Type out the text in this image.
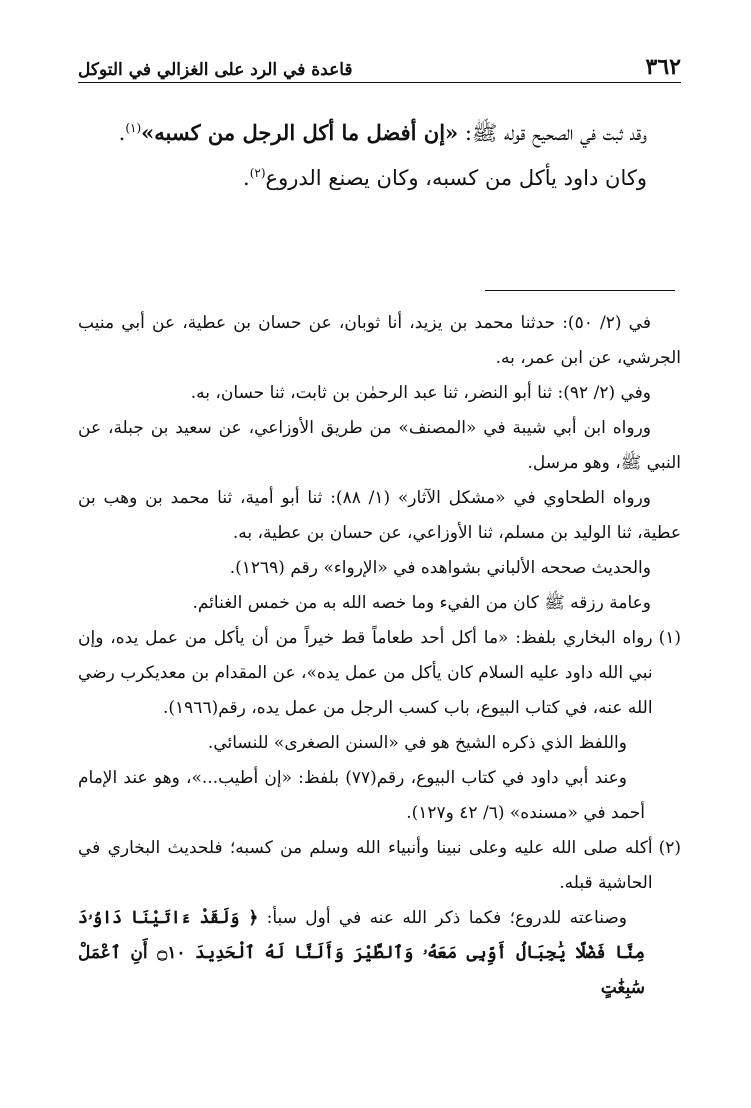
٣٦٢
قاعدة في الرد على الغزالي في التوكل

وقد ثبت في الصحيح قوله ﷺ: «إن أفضل ما أكل الرجل من كسبه»$^{(١)}$.

وكان داود يأكل من كسبه، وكان يصنع الدروع$^{(٢)}$.

في (٢/ ٥٠): حدثنا محمد بن يزيد، أنا ثوبان، عن حسان بن عطية، عن أبي منيب الجرشي، عن ابن عمر، به.

وفي (٢/ ٩٢): ثنا أبو النضر، ثنا عبد الرحمٰن بن ثابت، ثنا حسان، به.

ورواه ابن أبي شيبة في «المصنف» من طريق الأوزاعي، عن سعيد بن جبلة، عن النبي ﷺ، وهو مرسل.

ورواه الطحاوي في «مشكل الآثار» (١/ ٨٨): ثنا أبو أمية، ثنا محمد بن وهب بن عطية، ثنا الوليد بن مسلم، ثنا الأوزاعي، عن حسان بن عطية، به.

والحديث صححه الألباني بشواهده في «الإرواء» رقم (١٢٦٩).

وعامة رزقه ﷺ كان من الفيء وما خصه الله به من خمس الغنائم.

(١)
رواه البخاري بلفظ: «ما أكل أحد طعاماً قط خيراً من أن يأكل من عمل يده، وإن نبي الله داود عليه السلام كان يأكل من عمل يده»، عن المقدام بن معديكرب رضي الله عنه، في كتاب البيوع، باب كسب الرجل من عمل يده، رقم(١٩٦٦).

واللفظ الذي ذكره الشيخ هو في «السنن الصغرى» للنسائي.

وعند أبي داود في كتاب البيوع، رقم(٧٧) بلفظ: «إن أطيب...»، وهو عند الإمام أحمد في «مسنده» (٦/ ٤٢ و١٢٧).

(٢)
أكله صلى الله عليه وعلى نبينا وأنبياء الله وسلم من كسبه؛ فلحديث البخاري في الحاشية قبله.

وصناعته للدروع؛ فكما ذكر الله عنه في أول سبأ: ﴿ وَلَقَدْ ءَاتَيْنَا دَاوُۥدَ مِنَّا فَضْلًا يَٰجِبَالُ أَوِّبِى مَعَهُۥ وَٱلطَّيْرَ وَأَلَنَّا لَهُ ٱلْحَدِيدَ ۝١٠ أَنِ ٱعْمَلْ سَٰبِغَٰتٍ
